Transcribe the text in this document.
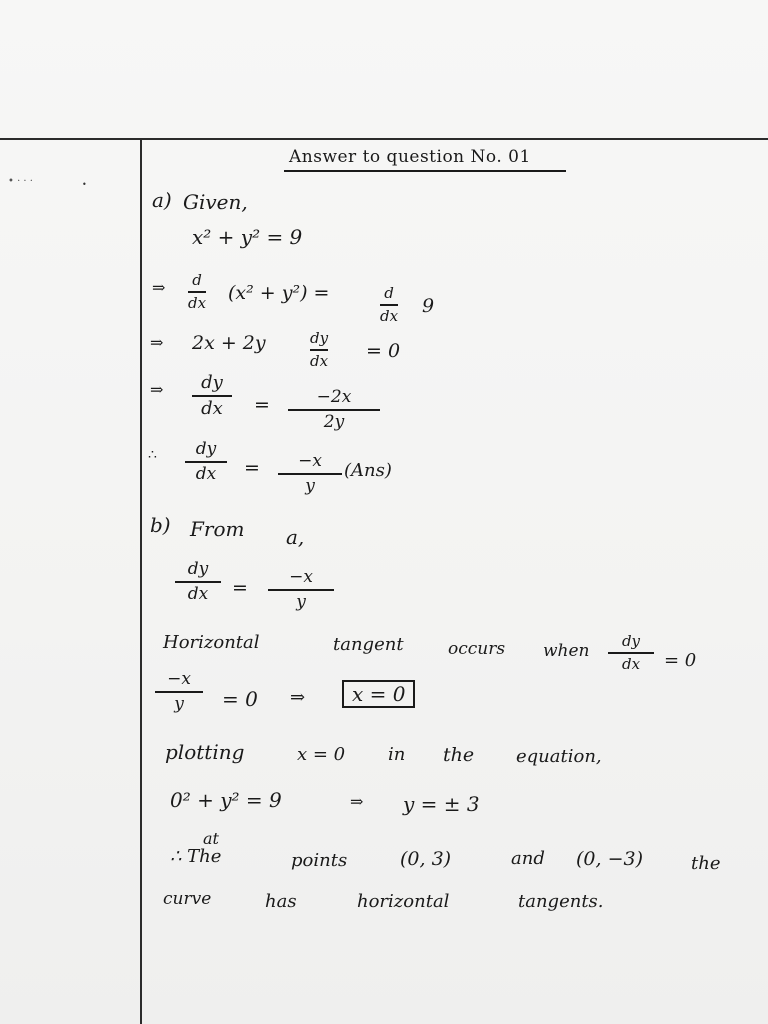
Answer to question No. 01
a) Given,
x² + y² = 9
⇒ d
dx (x² + y²) =	d
dx 9
⇒ 2x + 2y	dy
dx = 0
⇒ dy
dx =	−2x
2y
∴ dy
dx = −x
y
(Ans)
b) From a,
dy
dx = −x
y
Horizontal	tangent	occurs when dy
dx = 0
−x
y = 0 ⇒	x = 0
plotting	x = 0 in the equation,
0² + y² = 9	⇒ y = ± 3
at
∴ The	points	(0, 3)	and (0, −3)	the
curve	has	horizontal	tangents.
• · · ·	•
